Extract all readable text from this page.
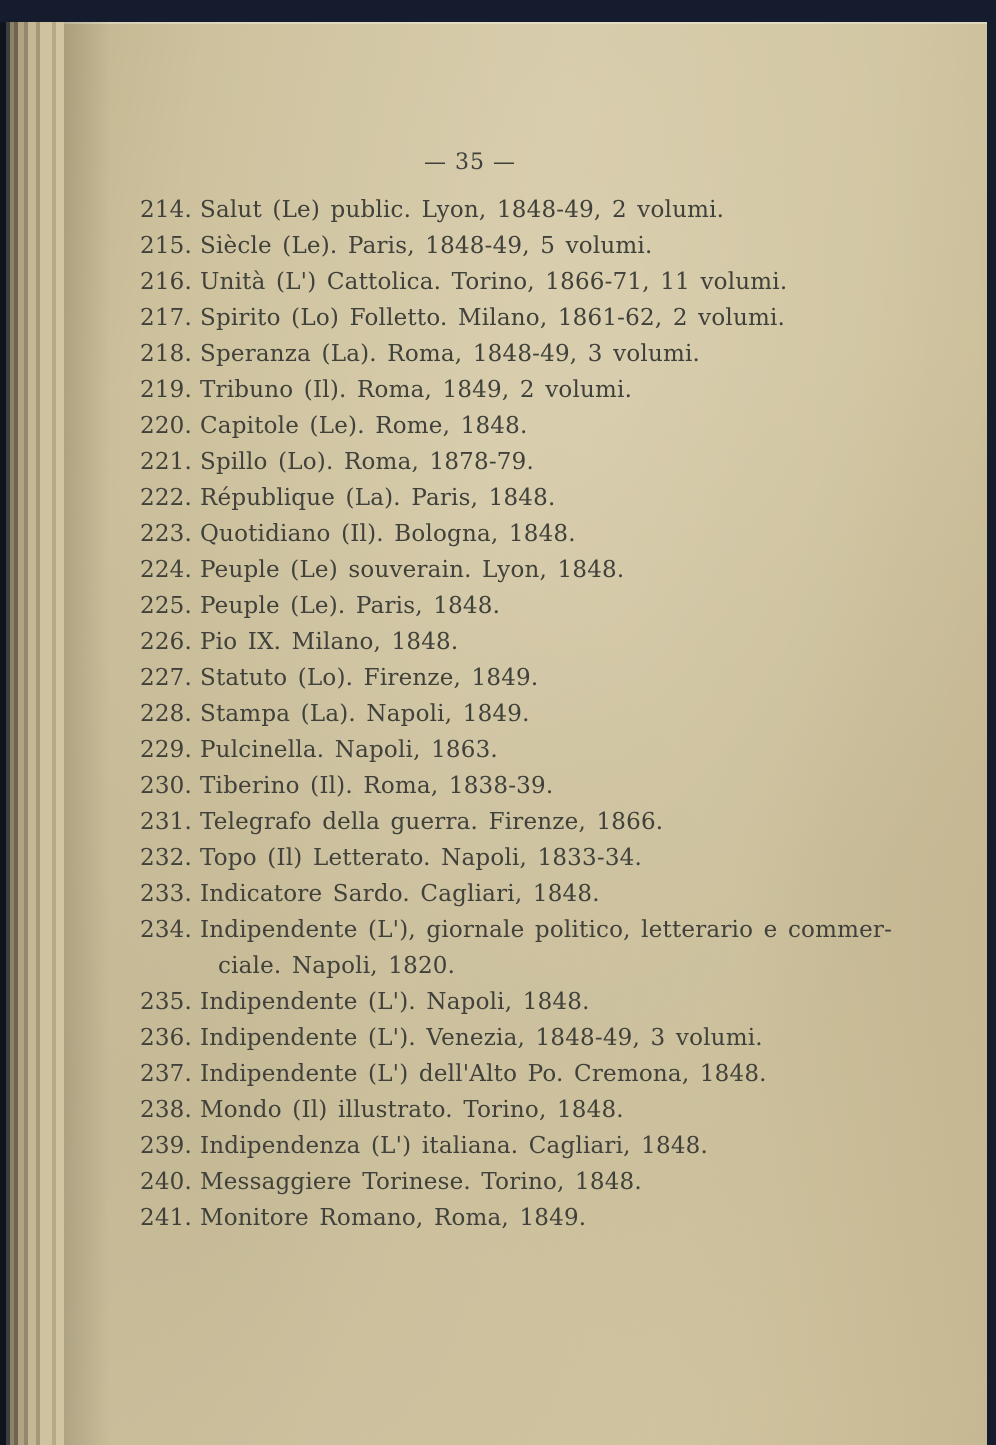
— 35 —
214. Salut (Le) public. Lyon, 1848-49, 2 volumi.
215. Siècle (Le). Paris, 1848-49, 5 volumi.
216. Unità (L') Cattolica. Torino, 1866-71, 11 volumi.
217. Spirito (Lo) Folletto. Milano, 1861-62, 2 volumi.
218. Speranza (La). Roma, 1848-49, 3 volumi.
219. Tribuno (Il). Roma, 1849, 2 volumi.
220. Capitole (Le). Rome, 1848.
221. Spillo (Lo). Roma, 1878-79.
222. République (La). Paris, 1848.
223. Quotidiano (Il). Bologna, 1848.
224. Peuple (Le) souverain. Lyon, 1848.
225. Peuple (Le). Paris, 1848.
226. Pio IX. Milano, 1848.
227. Statuto (Lo). Firenze, 1849.
228. Stampa (La). Napoli, 1849.
229. Pulcinella. Napoli, 1863.
230. Tiberino (Il). Roma, 1838-39.
231. Telegrafo della guerra. Firenze, 1866.
232. Topo (Il) Letterato. Napoli, 1833-34.
233. Indicatore Sardo. Cagliari, 1848.
234. Indipendente (L'), giornale politico, letterario e commer-
ciale. Napoli, 1820.
235. Indipendente (L'). Napoli, 1848.
236. Indipendente (L'). Venezia, 1848-49, 3 volumi.
237. Indipendente (L') dell'Alto Po. Cremona, 1848.
238. Mondo (Il) illustrato. Torino, 1848.
239. Indipendenza (L') italiana. Cagliari, 1848.
240. Messaggiere Torinese. Torino, 1848.
241. Monitore Romano, Roma, 1849.
